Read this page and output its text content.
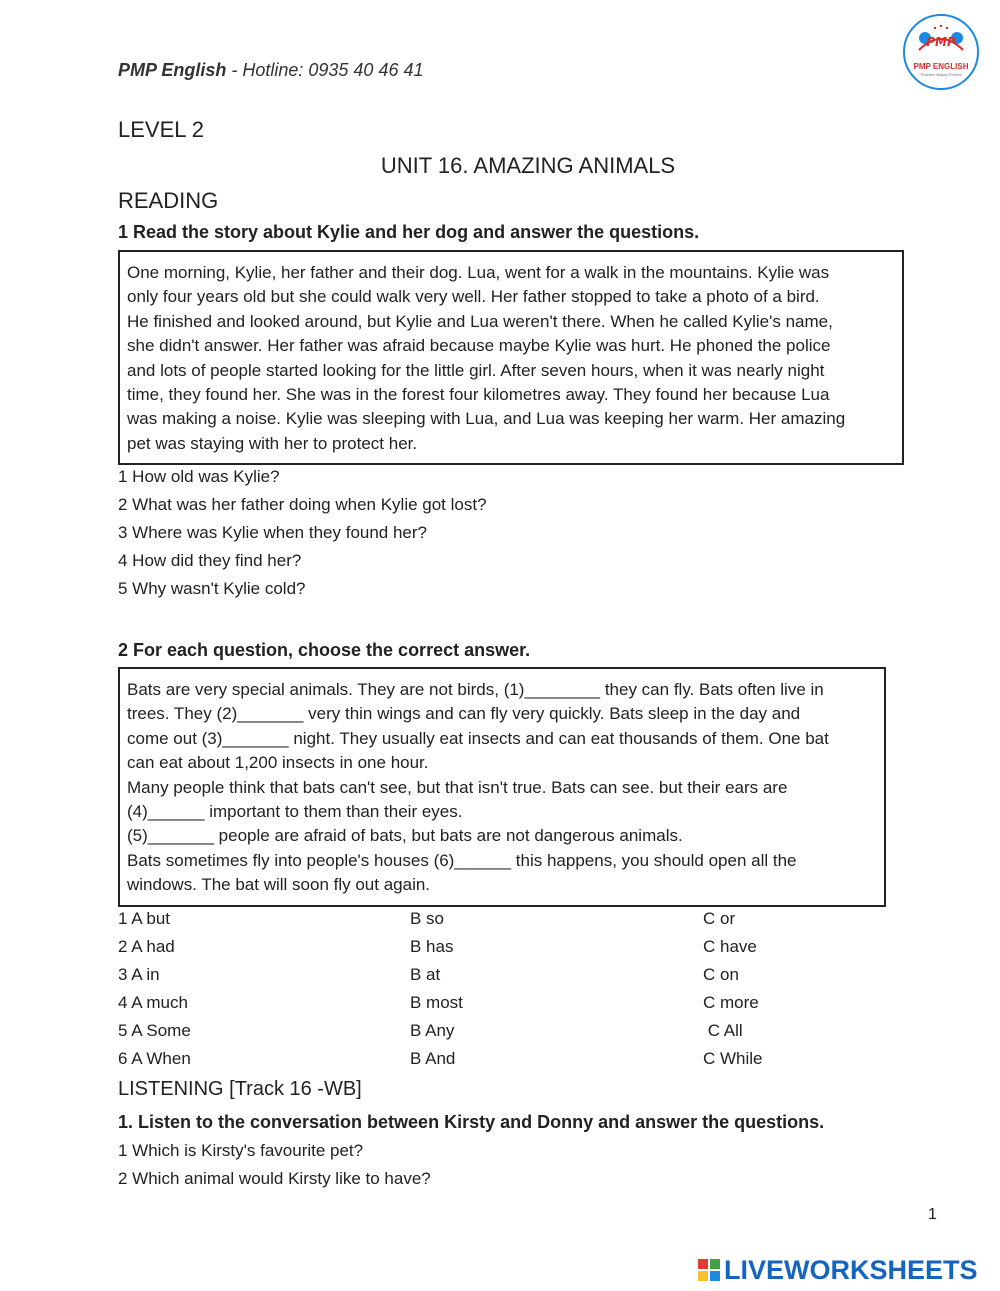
PMP English - Hotline: 0935 40 46 41
PMP
PMP ENGLISH
Practice Makes Perfect
LEVEL 2
UNIT 16. AMAZING ANIMALS
READING
1 Read the story about Kylie and her dog and answer the questions.

One morning, Kylie, her father and their dog. Lua, went for a walk in the mountains. Kylie was

only four years old but she could walk very well. Her father stopped to take a photo of a bird.

He finished and looked around, but Kylie and Lua weren't there. When he called Kylie's name,

she didn't answer. Her father was afraid because maybe Kylie was hurt. He phoned the police

and lots of people started looking for the little girl. After seven hours, when it was nearly night

time, they found her. She was in the forest four kilometres away. They found her because Lua

was making a noise. Kylie was sleeping with Lua, and Lua was keeping her warm. Her amazing

pet was staying with her to protect her.

1 How old was Kylie?
2 What was her father doing when Kylie got lost?
3 Where was Kylie when they found her?
4 How did they find her?
5 Why wasn't Kylie cold?
2 For each question, choose the correct answer.

Bats are very special animals. They are not birds, (1)________ they can fly. Bats often live in

trees. They (2)_______ very thin wings and can fly very quickly. Bats sleep in the day and

come out (3)_______ night. They usually eat insects and can eat thousands of them. One bat

can eat about 1,200 insects in one hour.

Many people think that bats can't see, but that isn't true. Bats can see. but their ears are

(4)______ important to them than their eyes.

(5)_______ people are afraid of bats, but bats are not dangerous animals.

Bats sometimes fly into people's houses (6)______ this happens, you should open all the

windows. The bat will soon fly out again.

1 A but	B so	C or
2 A had	B has	C have
3 A in	B at	C on
4 A much	B most	C more
5 A Some	B Any	C All
6 A When	B And	C While
LISTENING [Track 16 -WB]
1. Listen to the conversation between Kirsty and Donny and answer the questions.
1 Which is Kirsty's favourite pet?
2 Which animal would Kirsty like to have?
1
LIVEWORKSHEETS
